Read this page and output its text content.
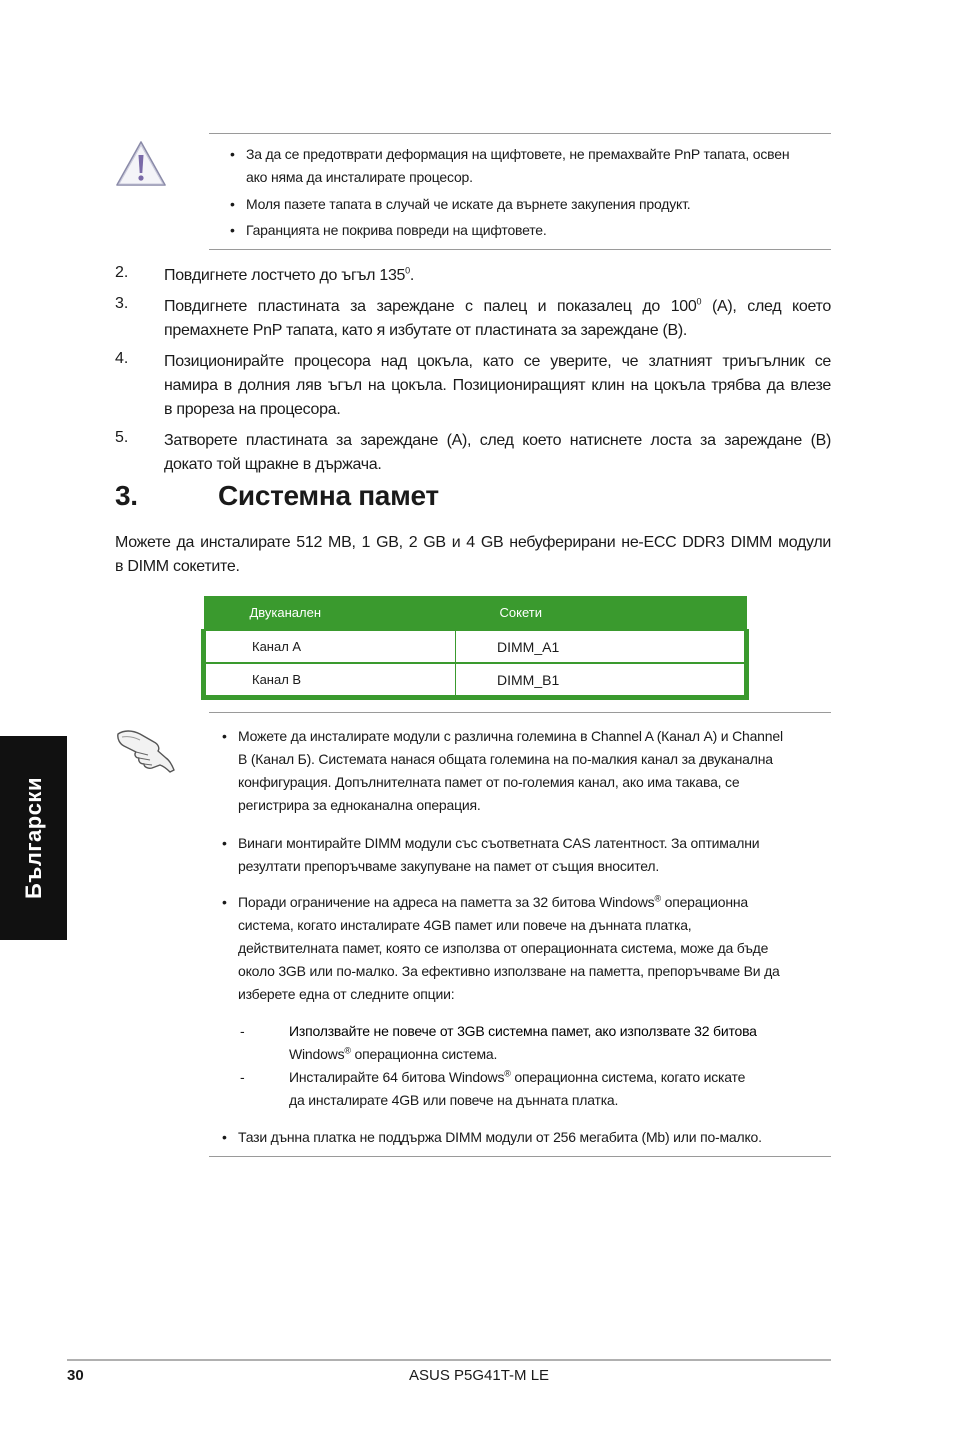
• За да се предотврати деформация на щифтовете, не премахвайте PnP тапата, освен
ако няма да инсталирате процесор.
• Моля пазете тапата в случай че искате да върнете закупения продукт.
• Гаранцията не покрива повреди на щифтовете.
2. Повдигнете лостчето до ъгъл $135^0$.
3. Повдигнете пластината за зареждане с палец и показалец до $100^0$ (А), след което
премахнете PnP тапата, като я избутате от пластината за зареждане (B).
4. Позиционирайте процесора над цокъла, като се уверите, че златният триъгълник се
намира в долния ляв ъгъл на цокъла. Позициониращият клин на цокъла трябва да влезе
в прореза на процесора.
5. Затворете пластината за зареждане (А), след което натиснете лоста за зареждане (В)
докато той щракне в държача.
3.	Системна памет
Можете да инсталирате 512 MB, 1 GB, 2 GB и 4 GB небуферирани не-ECC DDR3 DIMM модули
в DIMM сокетите.
Двуканален	Сокети
Канал А	DIMM_A1
Канал В	DIMM_B1
Български
• Можете да инсталирате модули с различна големина в Channel A (Канал А) и Channel
B (Канал Б). Системата нанася общата големина на по-малкия канал за двуканална
конфигурация. Допълнителната памет от по-големия канал, ако има такава, се
регистрира за едноканална операция.
• Винаги монтирайте DIMM модули със съответната CAS латентност. За оптимални
резултати препоръчваме закупуване на памет от същия вносител.
• Поради ограничение на адреса на паметта за 32 битова Windows® операционна
система, когато инсталирате 4GB памет или повече на дънната платка,
действителната памет, която се използва от операционната система, може да бъде
около 3GB или по-малко. За ефективно използване на паметта, препоръчваме Ви да
изберете една от следните опции:
-	Използвайте не повече от 3GB системна памет, ако използвате 32 битова
Windows® операционна система.
-	Инсталирайте 64 битова Windows® операционна система, когато искате
да инсталирате 4GB или повече на дънната платка.
• Тази дънна платка не поддържа DIMM модули от 256 мегабита (Mb) или по-малко.
30	ASUS P5G41T-M LE
